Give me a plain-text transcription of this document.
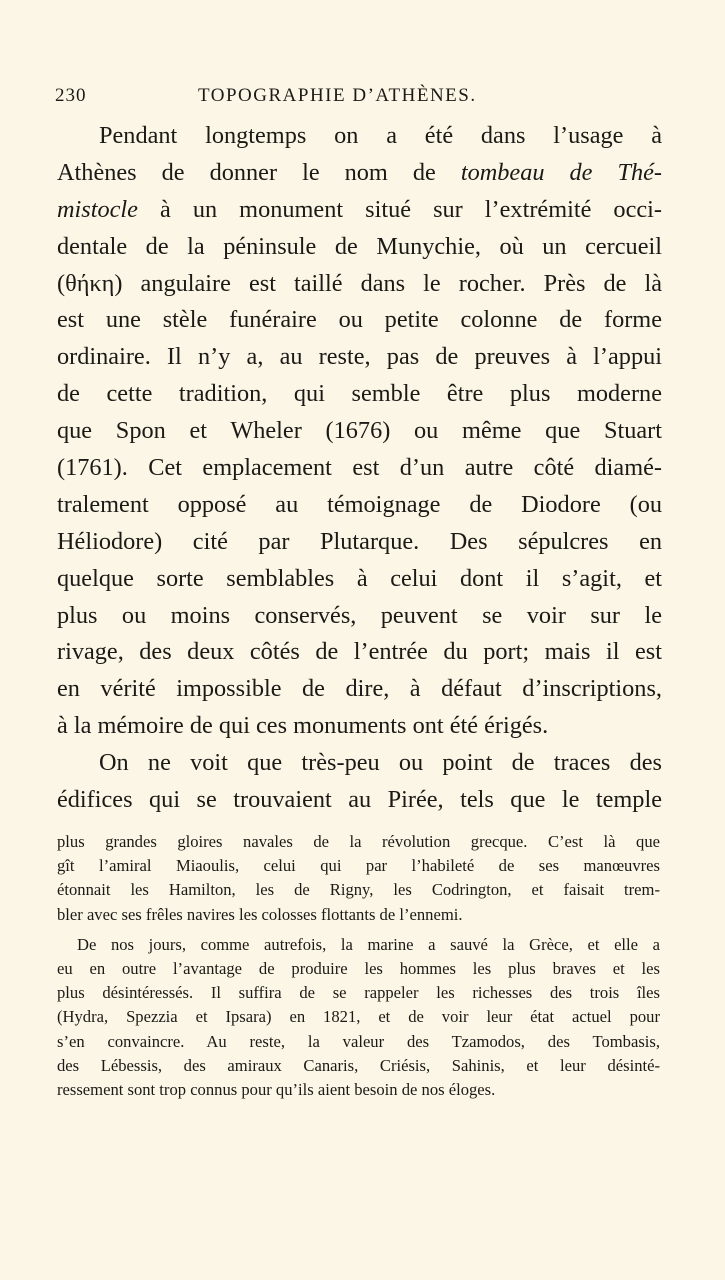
230	TOPOGRAPHIE D’ATHÈNES.
Pendant longtemps on a été dans l’usage à
Athènes de donner le nom de tombeau de Thé-
mistocle à un monument situé sur l’extrémité occi-
dentale de la péninsule de Munychie, où un cercueil
(θήκη) angulaire est taillé dans le rocher. Près de là
est une stèle funéraire ou petite colonne de forme
ordinaire. Il n’y a, au reste, pas de preuves à l’appui
de cette tradition, qui semble être plus moderne
que Spon et Wheler (1676) ou même que Stuart
(1761). Cet emplacement est d’un autre côté diamé-
tralement opposé au témoignage de Diodore (ou
Héliodore) cité par Plutarque. Des sépulcres en
quelque sorte semblables à celui dont il s’agit, et
plus ou moins conservés, peuvent se voir sur le
rivage, des deux côtés de l’entrée du port; mais il est
en vérité impossible de dire, à défaut d’inscriptions,
à la mémoire de qui ces monuments ont été érigés.
On ne voit que très-peu ou point de traces des
édifices qui se trouvaient au Pirée, tels que le temple
plus grandes gloires navales de la révolution grecque. C’est là que
gît l’amiral Miaoulis, celui qui par l’habileté de ses manœuvres
étonnait les Hamilton, les de Rigny, les Codrington, et faisait trem-
bler avec ses frêles navires les colosses flottants de l’ennemi.
De nos jours, comme autrefois, la marine a sauvé la Grèce, et elle a
eu en outre l’avantage de produire les hommes les plus braves et les
plus désintéressés. Il suffira de se rappeler les richesses des trois îles
(Hydra, Spezzia et Ipsara) en 1821, et de voir leur état actuel pour
s’en convaincre. Au reste, la valeur des Tzamodos, des Tombasis,
des Lébessis, des amiraux Canaris, Criésis, Sahinis, et leur désinté-
ressement sont trop connus pour qu’ils aient besoin de nos éloges.
